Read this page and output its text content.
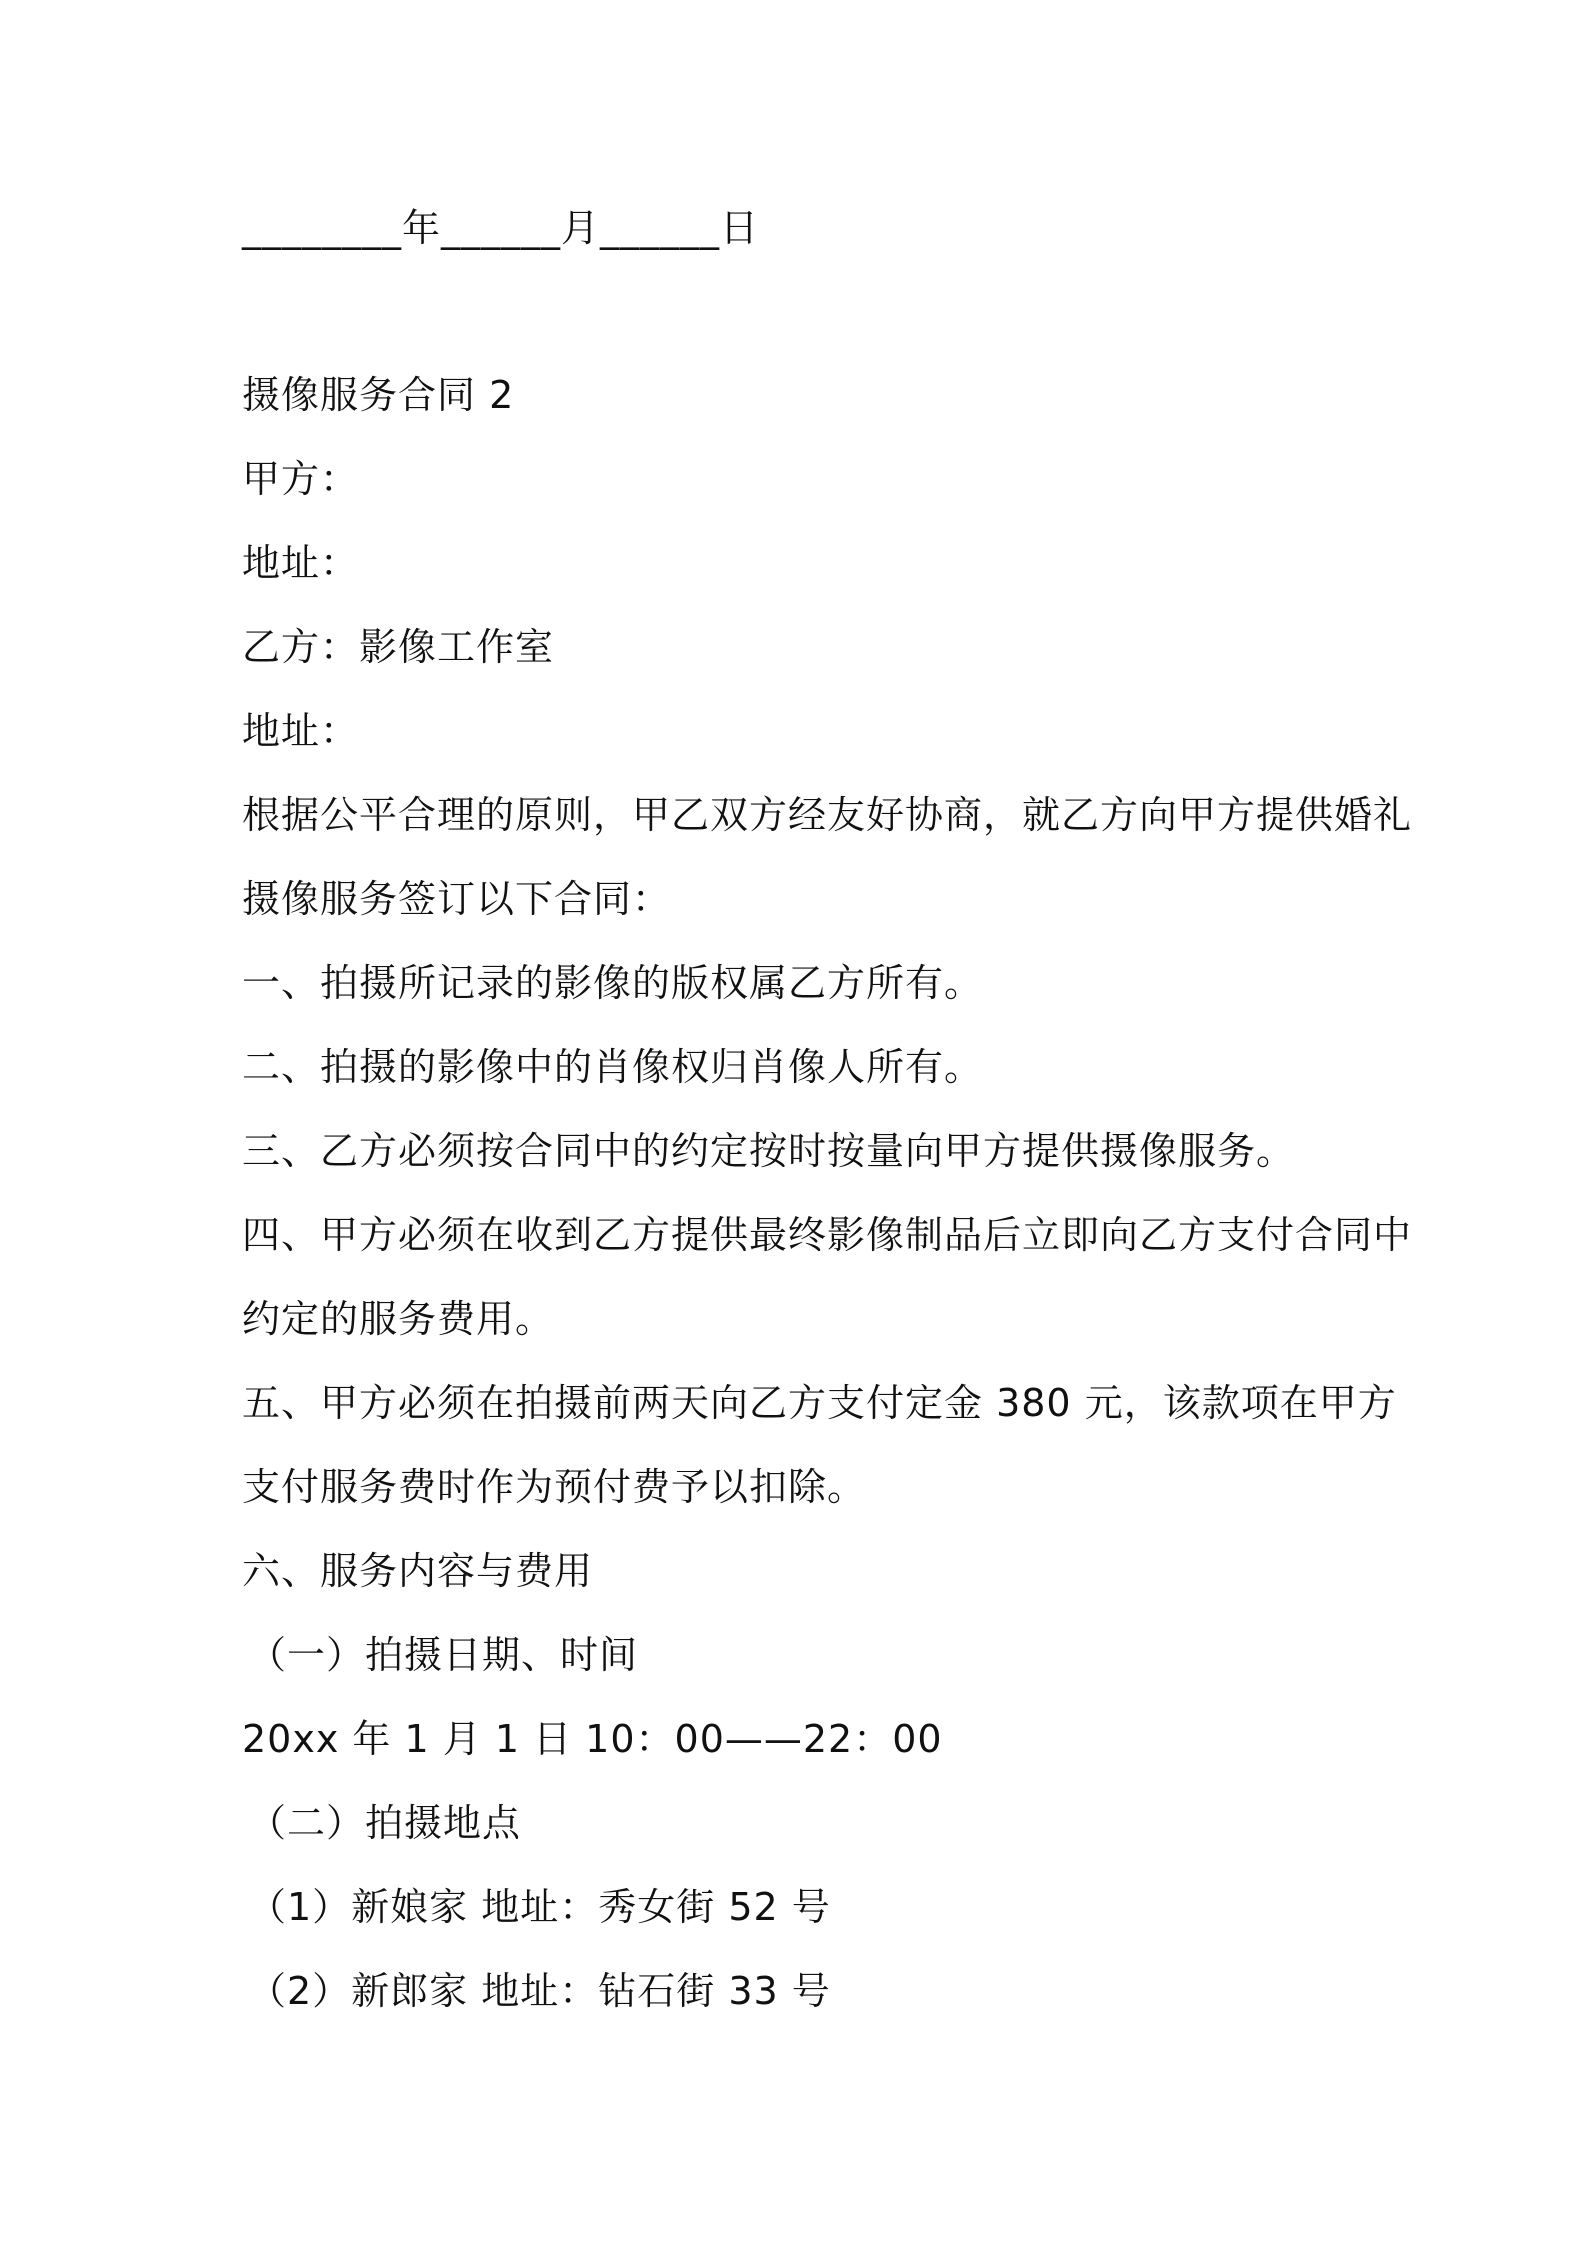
________年______月______日
摄像服务合同 2
甲方：
地址：
乙方：影像工作室
地址：
根据公平合理的原则，甲乙双方经友好协商，就乙方向甲方提供婚礼
摄像服务签订以下合同：
一、拍摄所记录的影像的版权属乙方所有。
二、拍摄的影像中的肖像权归肖像人所有。
三、乙方必须按合同中的约定按时按量向甲方提供摄像服务。
四、甲方必须在收到乙方提供最终影像制品后立即向乙方支付合同中
约定的服务费用。
五、甲方必须在拍摄前两天向乙方支付定金 380 元，该款项在甲方
支付服务费时作为预付费予以扣除。
六、服务内容与费用
（一）拍摄日期、时间
20xx 年 1 月 1 日 10：00——22：00
（二）拍摄地点
（1）新娘家 地址：秀女街 52 号
（2）新郎家 地址：钻石街 33 号
